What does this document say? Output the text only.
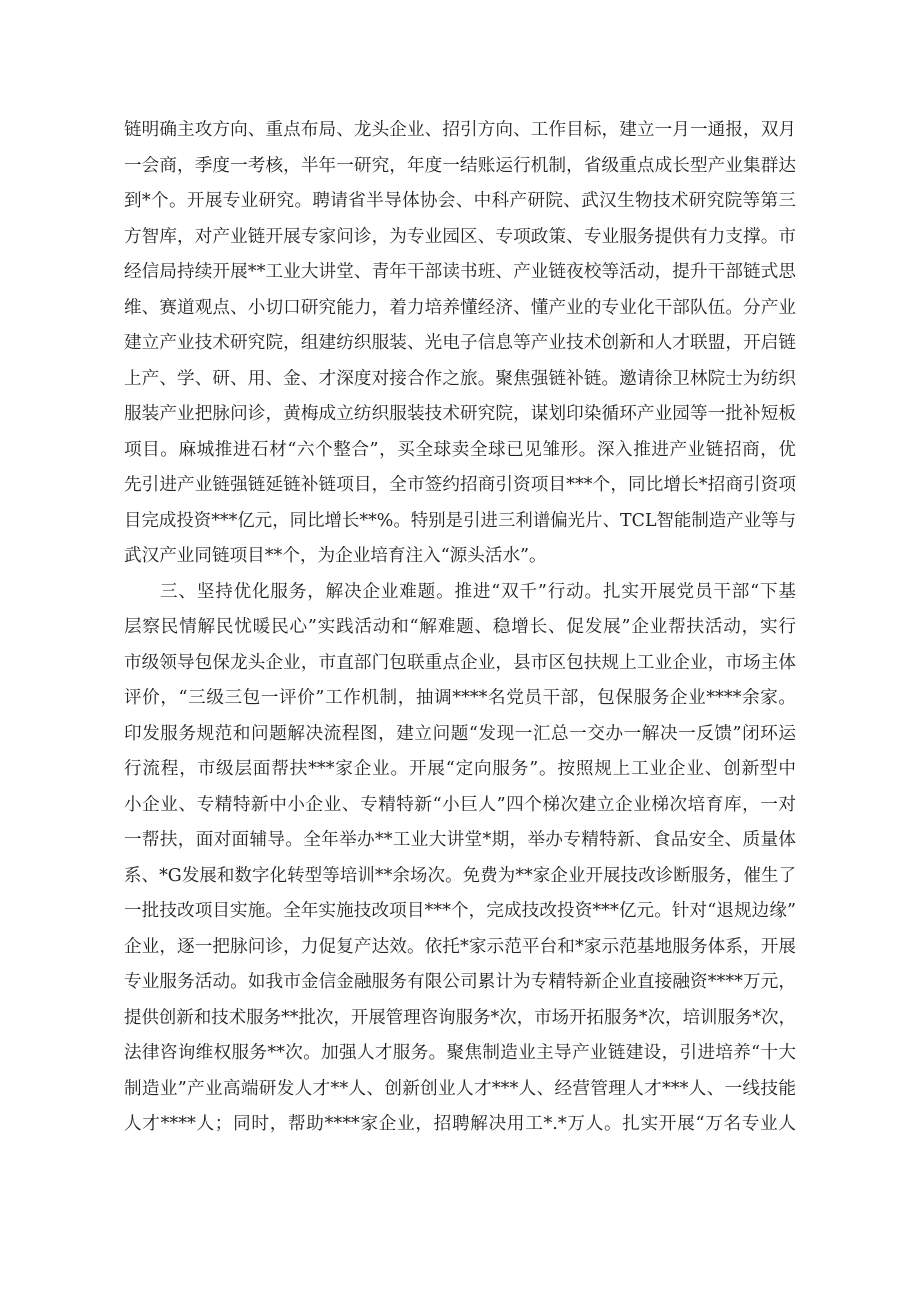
链明确主攻方向、重点布局、龙头企业、招引方向、工作目标，建立一月一通报，双月
一会商，季度一考核，半年一研究，年度一结账运行机制，省级重点成长型产业集群达
到*个。开展专业研究。聘请省半导体协会、中科产研院、武汉生物技术研究院等第三
方智库，对产业链开展专家问诊，为专业园区、专项政策、专业服务提供有力支撑。市
经信局持续开展**工业大讲堂、青年干部读书班、产业链夜校等活动，提升干部链式思
维、赛道观点、小切口研究能力，着力培养懂经济、懂产业的专业化干部队伍。分产业
建立产业技术研究院，组建纺织服装、光电子信息等产业技术创新和人才联盟，开启链
上产、学、研、用、金、才深度对接合作之旅。聚焦强链补链。邀请徐卫林院士为纺织
服装产业把脉问诊，黄梅成立纺织服装技术研究院，谋划印染循环产业园等一批补短板
项目。麻城推进石材“六个整合”，买全球卖全球已见雏形。深入推进产业链招商，优
先引进产业链强链延链补链项目，全市签约招商引资项目***个，同比增长*招商引资项
目完成投资***亿元，同比增长**%。特别是引进三利谱偏光片、TCL智能制造产业等与
武汉产业同链项目**个，为企业培育注入“源头活水”。
三、坚持优化服务，解决企业难题。推进“双千”行动。扎实开展党员干部“下基
层察民情解民忧暖民心”实践活动和“解难题、稳增长、促发展”企业帮扶活动，实行
市级领导包保龙头企业，市直部门包联重点企业，县市区包扶规上工业企业，市场主体
评价，“三级三包一评价”工作机制，抽调****名党员干部，包保服务企业****余家。
印发服务规范和问题解决流程图，建立问题“发现一汇总一交办一解决一反馈”闭环运
行流程，市级层面帮扶***家企业。开展“定向服务”。按照规上工业企业、创新型中
小企业、专精特新中小企业、专精特新“小巨人”四个梯次建立企业梯次培育库，一对
一帮扶，面对面辅导。全年举办**工业大讲堂*期，举办专精特新、食品安全、质量体
系、*G发展和数字化转型等培训**余场次。免费为**家企业开展技改诊断服务，催生了
一批技改项目实施。全年实施技改项目***个，完成技改投资***亿元。针对“退规边缘”
企业，逐一把脉问诊，力促复产达效。依托*家示范平台和*家示范基地服务体系，开展
专业服务活动。如我市金信金融服务有限公司累计为专精特新企业直接融资****万元，
提供创新和技术服务**批次，开展管理咨询服务*次，市场开拓服务*次，培训服务*次，
法律咨询维权服务**次。加强人才服务。聚焦制造业主导产业链建设，引进培养“十大
制造业”产业高端研发人才**人、创新创业人才***人、经营管理人才***人、一线技能
人才****人；同时，帮助****家企业，招聘解决用工*.*万人。扎实开展“万名专业人
